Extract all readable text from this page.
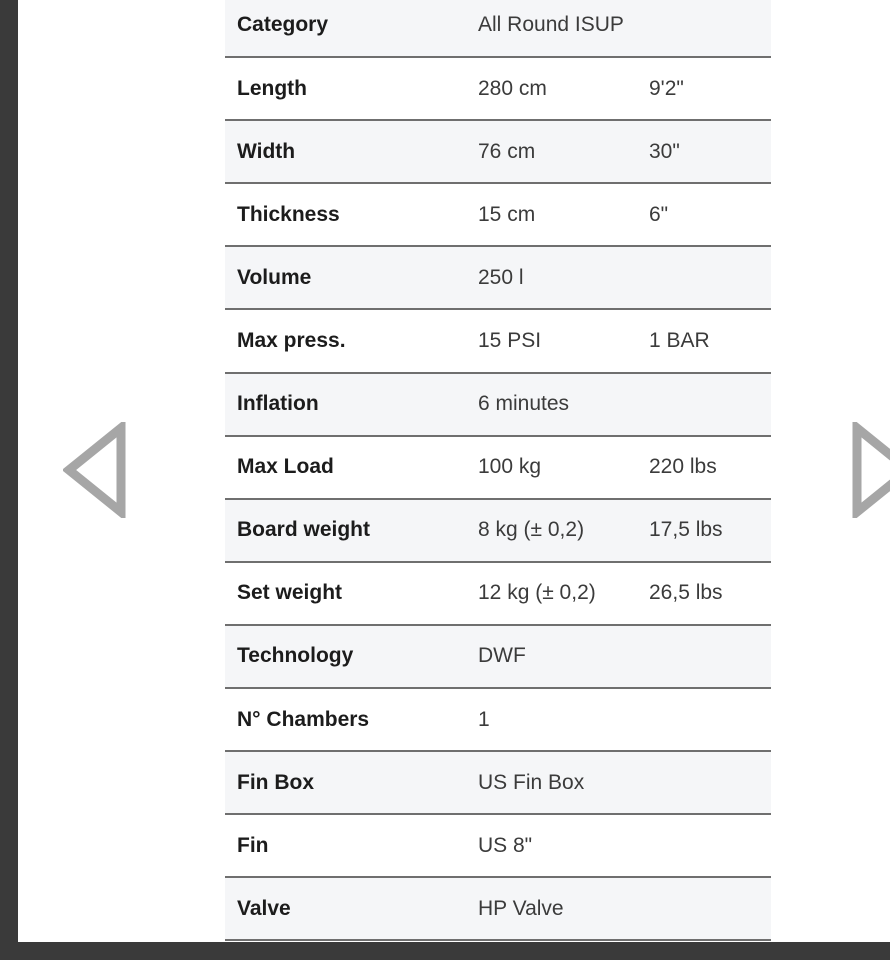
Category	All Round ISUP	
Length	280 cm	9'2"
Width	76 cm	30"
Thickness	15 cm	6"
Volume	250 l	
Max press.	15 PSI	1 BAR
Inflation	6 minutes	
Max Load	100 kg	220 lbs
Board weight	8 kg (± 0,2)	17,5 lbs
Set weight	12 kg (± 0,2)	26,5 lbs
Technology	DWF	
N° Chambers	1	
Fin Box	US Fin Box	
Fin	US 8"	
Valve	HP Valve	
